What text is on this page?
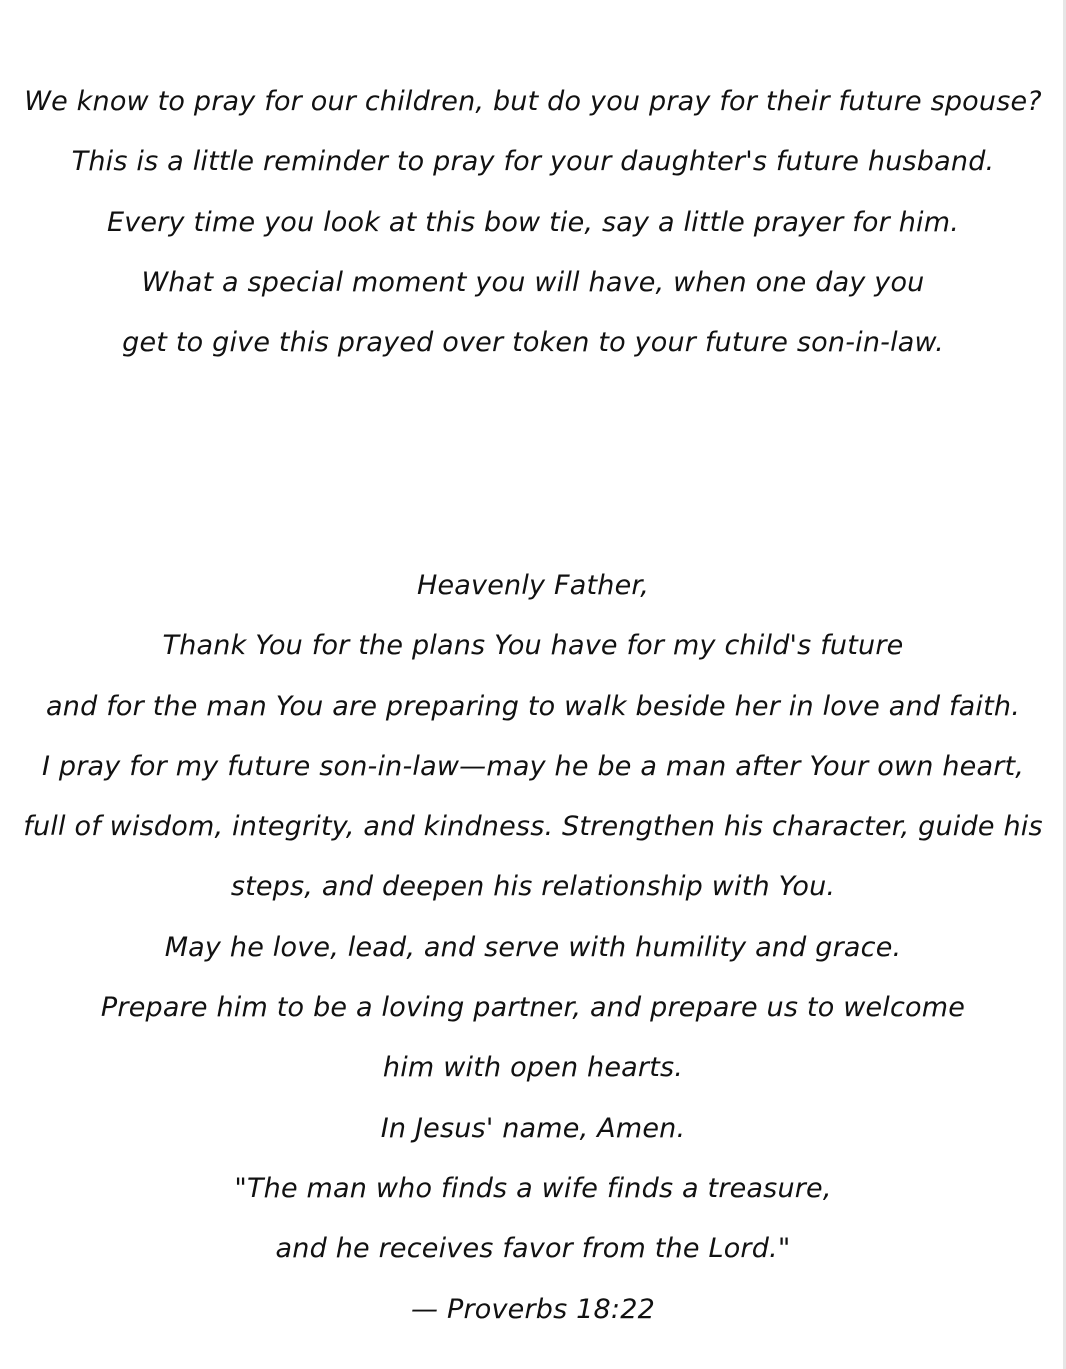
We know to pray for our children, but do you pray for their future spouse?
This is a little reminder to pray for your daughter's future husband.
Every time you look at this bow tie, say a little prayer for him.
What a special moment you will have, when one day you
get to give this prayed over token to your future son-in-law.
Heavenly Father,
Thank You for the plans You have for my child's future
and for the man You are preparing to walk beside her in love and faith.
I pray for my future son-in-law—may he be a man after Your own heart,
full of wisdom, integrity, and kindness. Strengthen his character, guide his
steps, and deepen his relationship with You.
May he love, lead, and serve with humility and grace.
Prepare him to be a loving partner, and prepare us to welcome
him with open hearts.
In Jesus' name, Amen.
"The man who finds a wife finds a treasure,
and he receives favor from the Lord."
— Proverbs 18:22
